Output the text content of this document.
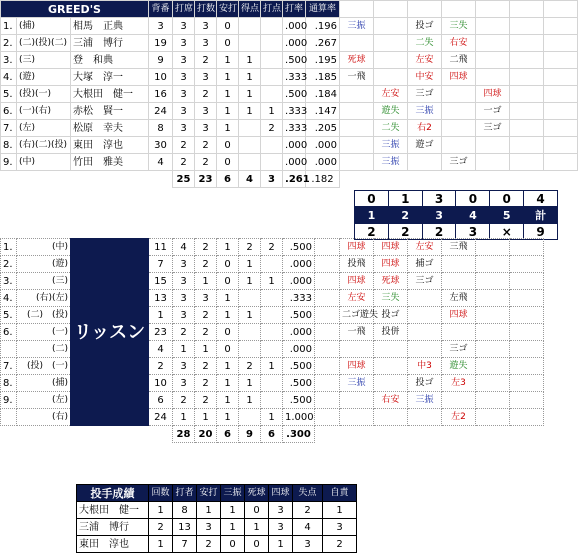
GREED'S			背番	打席	打数	安打	得点	打点	打率	通算率							
1.	(捕)	相馬　正典	3	3	3	0			.000	.196	三振		投ゴ	三失			
2.	(二)(投)(二)	三浦　博行	19	3	3	0			.000	.267			二失	右安			
3.	(三)	登　和典	9	3	2	1	1		.500	.195	死球		左安	二飛			
4.	(遊)	大塚　淳一	10	3	3	1	1		.333	.185	一飛		中安	四球			
5.	(投)(一)	大根田　健一	16	3	2	1	1		.500	.184		左安	三ゴ		四球		
6.	(一)(右)	赤松　賢一	24	3	3	1	1	1	.333	.147		遊失	三振		一ゴ		
7.	(左)	松原　幸夫	8	3	3	1		2	.333	.205		二失	右2		三ゴ		
8.	(右)(二)(投)	東田　淳也	30	2	2	0			.000	.000		三振	遊ゴ				
9.	(中)	竹田　雅美	4	2	2	0			.000	.000		三振		三ゴ			
				25	23	6	4	3	.261	.182							
0	1	3	0	0	4
1	2	3	4	5	計
2	2	2	3	×	9
1.	(中)	リッスン	11	4	2	1	2	2	.500		四球	四球	左安	三飛		
2.	(遊)		7	3	2	0	1		.000		投飛	四球	捕ゴ			
3.	(三)		15	3	1	0	1	1	.000		四球	死球	三ゴ			
4.	(右)(左)		13	3	3	1			.333		左安	三失		左飛		
5.	(二)　(投)		1	3	2	1	1		.500		二ゴ遊失	投ゴ		四球		
6.	(一)		23	2	2	0			.000		一飛	投併				
	(二)		4	1	1	0			.000					三ゴ		
7.	(投)　(一)		2	3	2	1	2	1	.500		四球		中3	遊失		
8.	(捕)		10	3	2	1	1		.500		三振		投ゴ	左3		
9.	(左)		6	2	2	1	1		.500			右安	三振			
	(右)		24	1	1	1		1	1.000					左2		
				28	20	6	9	6	.300							
投手成績	回数	打者	安打	三振	死球	四球	失点	自責
大根田　健一	1	8	1	1	0	3	2	1
三浦　博行	2	13	3	1	1	3	4	3
東田　淳也	1	7	2	0	0	1	3	2
